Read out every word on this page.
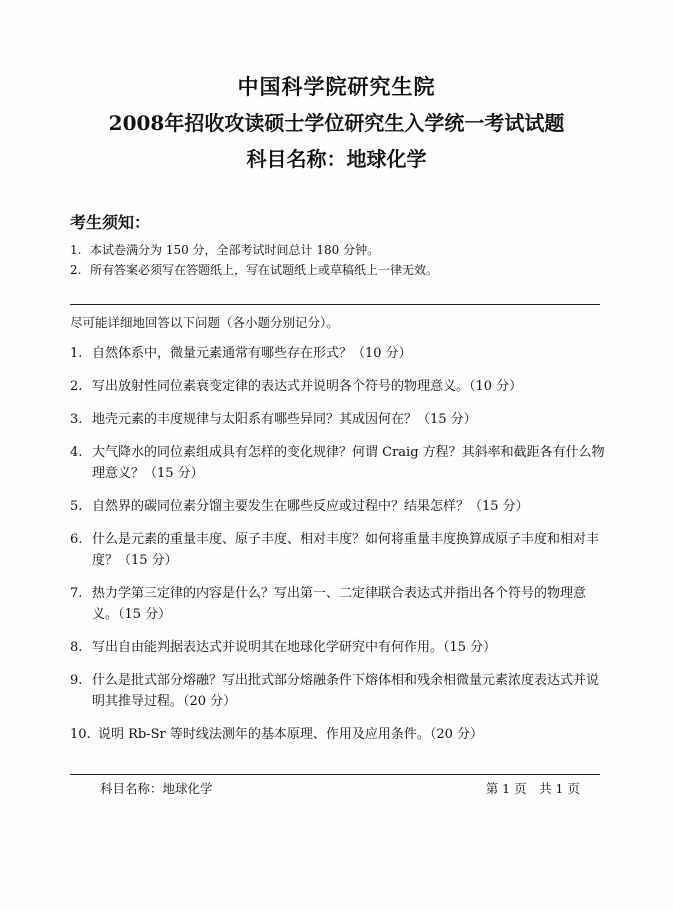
中国科学院研究生院
2008年招收攻读硕士学位研究生入学统一考试试题
科目名称：地球化学
考生须知：
1. 本试卷满分为 150 分，全部考试时间总计 180 分钟。
2. 所有答案必须写在答题纸上，写在试题纸上或草稿纸上一律无效。
尽可能详细地回答以下问题（各小题分别记分）。
1. 自然体系中，微量元素通常有哪些存在形式？（10 分）
2. 写出放射性同位素衰变定律的表达式并说明各个符号的物理意义。（10 分）
3. 地壳元素的丰度规律与太阳系有哪些异同？其成因何在？（15 分）
4. 大气降水的同位素组成具有怎样的变化规律？何谓 Craig 方程？其斜率和截距各有什么物理意义？（15 分）
5. 自然界的碳同位素分馏主要发生在哪些反应或过程中？结果怎样？（15 分）
6. 什么是元素的重量丰度、原子丰度、相对丰度？如何将重量丰度换算成原子丰度和相对丰度？（15 分）
7. 热力学第三定律的内容是什么？写出第一、二定律联合表达式并指出各个符号的物理意义。（15 分）
8. 写出自由能判据表达式并说明其在地球化学研究中有何作用。（15 分）
9. 什么是批式部分熔融？写出批式部分熔融条件下熔体相和残余相微量元素浓度表达式并说明其推导过程。（20 分）
10. 说明 Rb-Sr 等时线法测年的基本原理、作用及应用条件。（20 分）
科目名称：地球化学	第 1 页　共 1 页
